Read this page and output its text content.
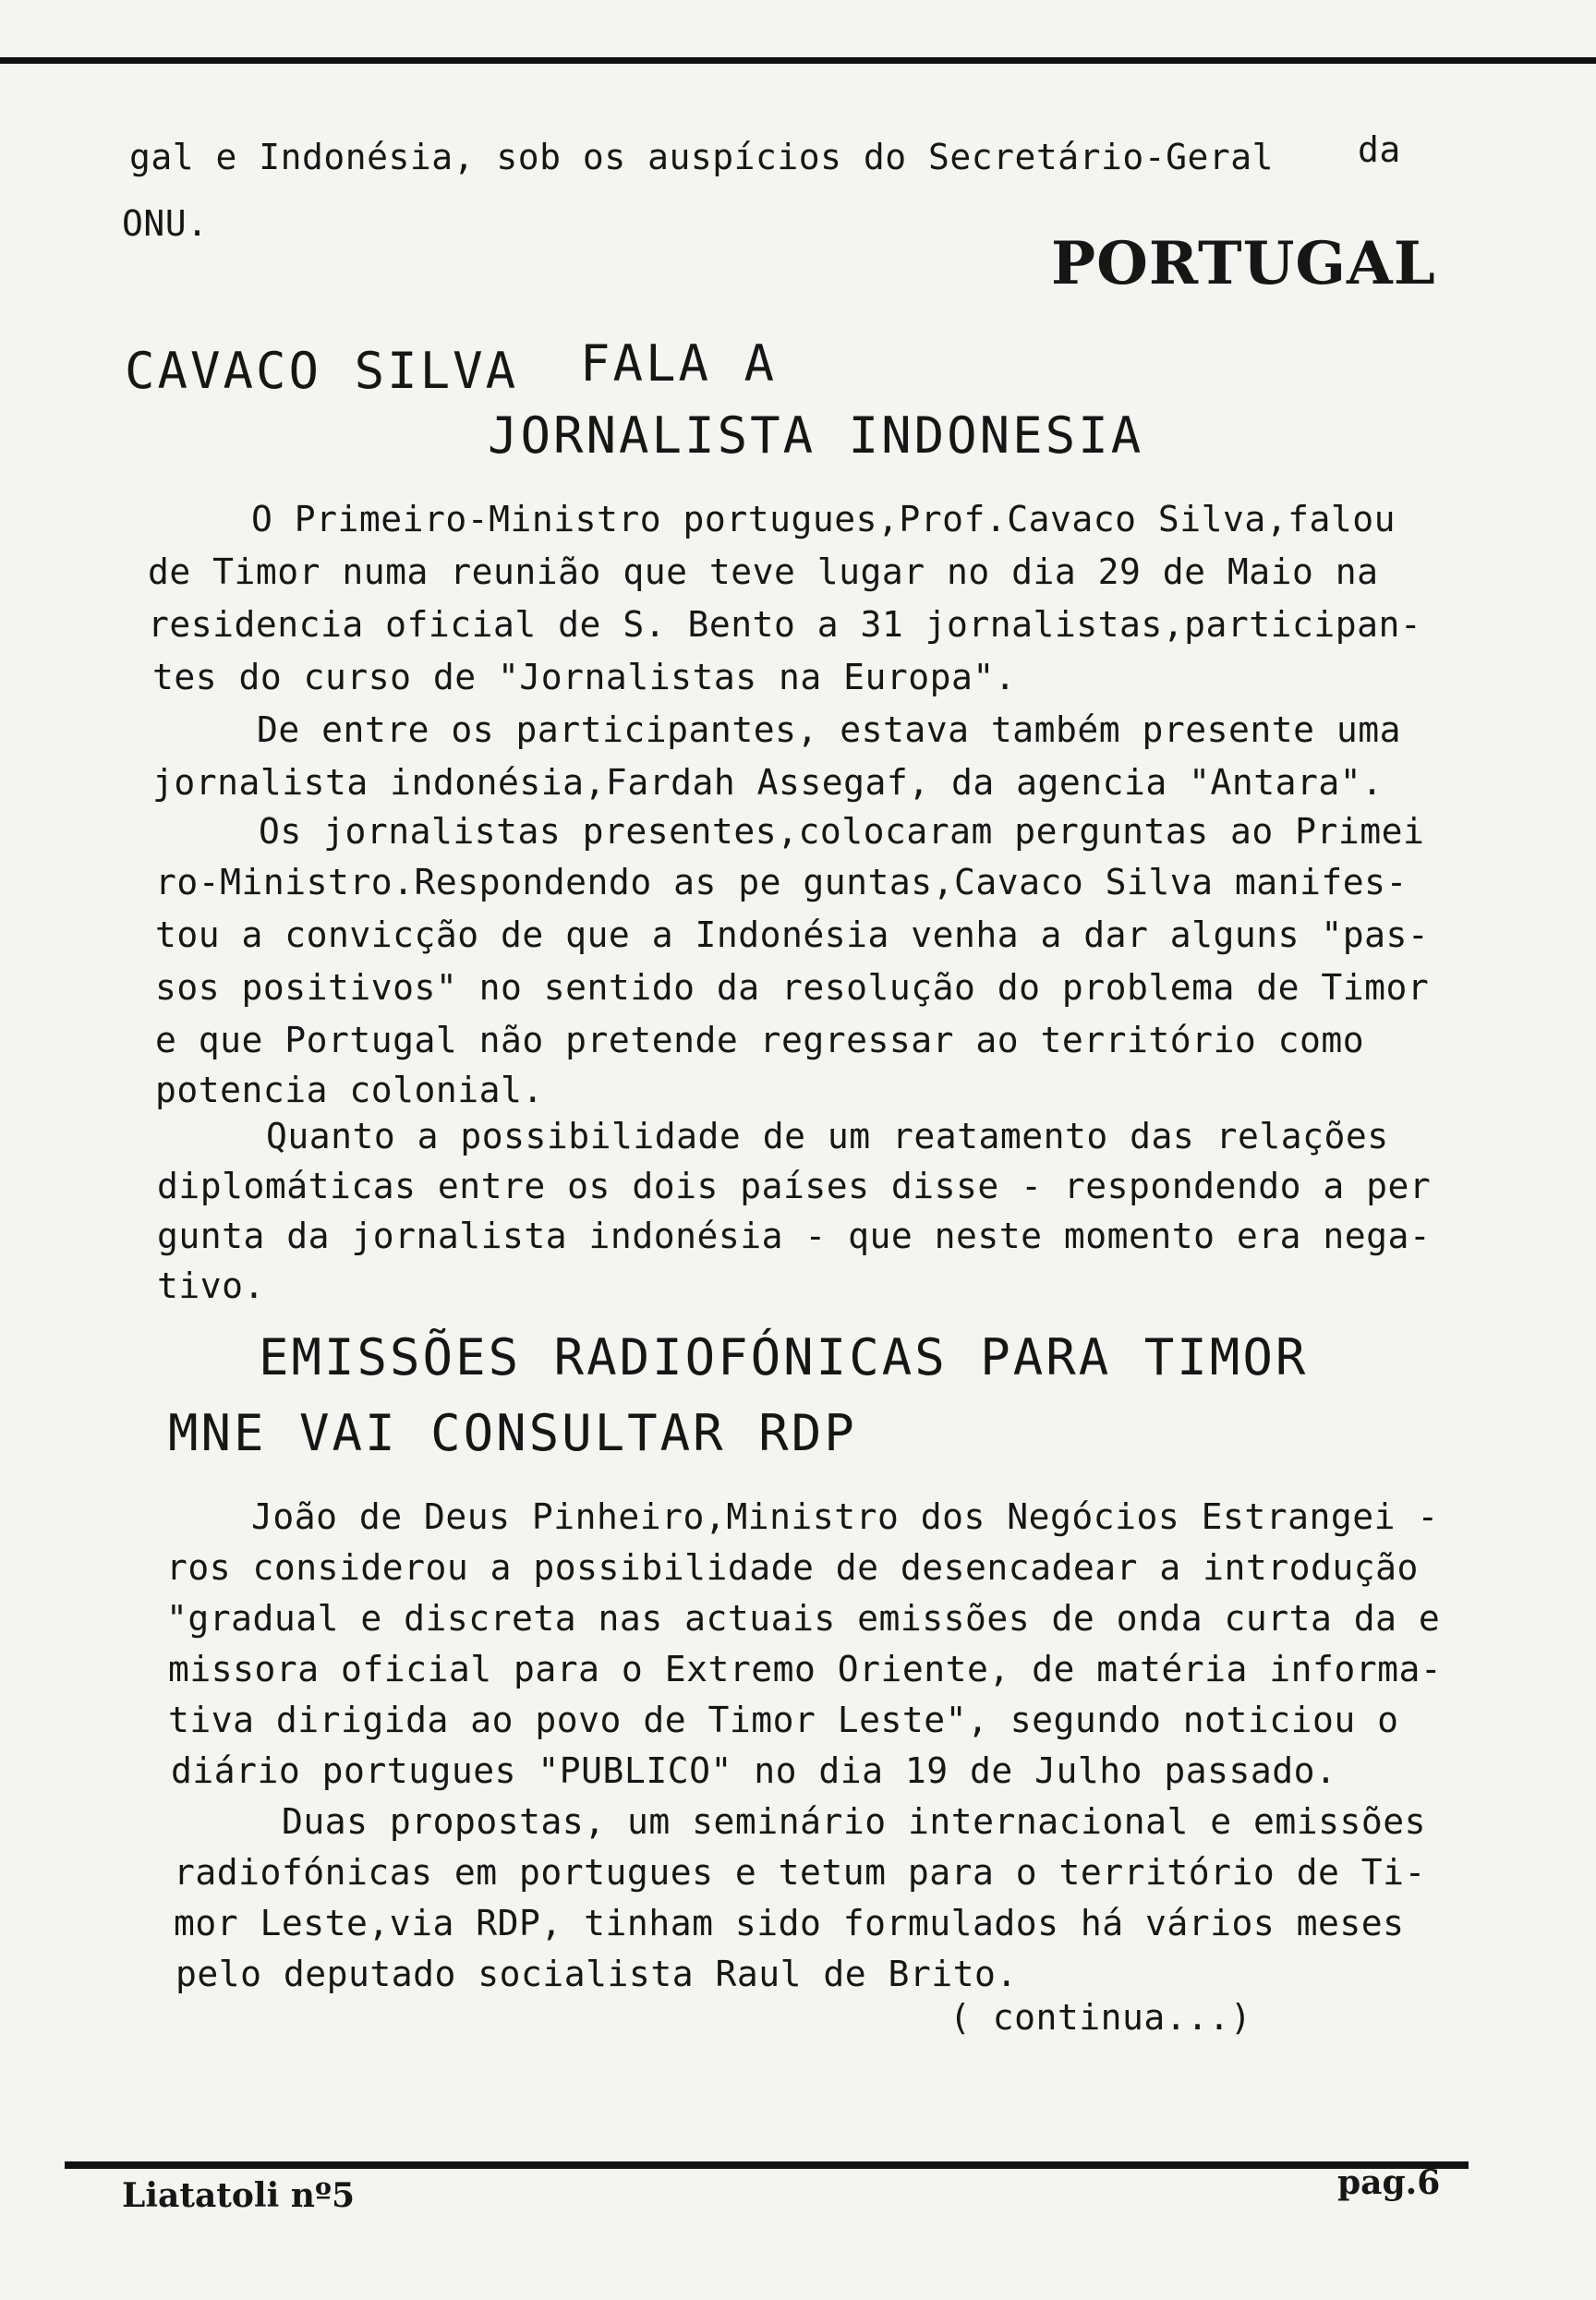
gal e Indonésia, sob os auspícios do Secretário-Geral da
ONU.
PORTUGAL
CAVACO SILVA FALA A
JORNALISTA INDONESIA
O Primeiro-Ministro portugues,Prof.Cavaco Silva,falou
de Timor numa reunião que teve lugar no dia 29 de Maio na
residencia oficial de S. Bento a 31 jornalistas,participan-
tes do curso de "Jornalistas na Europa".
De entre os participantes, estava também presente uma
jornalista indonésia,Fardah Assegaf, da agencia "Antara".
Os jornalistas presentes,colocaram perguntas ao Primei
ro-Ministro.Respondendo as pe guntas,Cavaco Silva manifes-
tou a convicção de que a Indonésia venha a dar alguns "pas-
sos positivos" no sentido da resolução do problema de Timor
e que Portugal não pretende regressar ao território como
potencia colonial.
Quanto a possibilidade de um reatamento das relações
diplomáticas entre os dois países disse - respondendo a per
gunta da jornalista indonésia - que neste momento era nega-
tivo.
EMISSÕES RADIOFÓNICAS PARA TIMOR
MNE VAI CONSULTAR RDP
João de Deus Pinheiro,Ministro dos Negócios Estrangei -
ros considerou a possibilidade de desencadear a introdução
"gradual e discreta nas actuais emissões de onda curta da e
missora oficial para o Extremo Oriente, de matéria informa-
tiva dirigida ao povo de Timor Leste", segundo noticiou o
diário portugues "PUBLICO" no dia 19 de Julho passado.
Duas propostas, um seminário internacional e emissões
radiofónicas em portugues e tetum para o território de Ti-
mor Leste,via RDP, tinham sido formulados há vários meses
pelo deputado socialista Raul de Brito.
( continua...)
Liatatoli nº5	pag.6
